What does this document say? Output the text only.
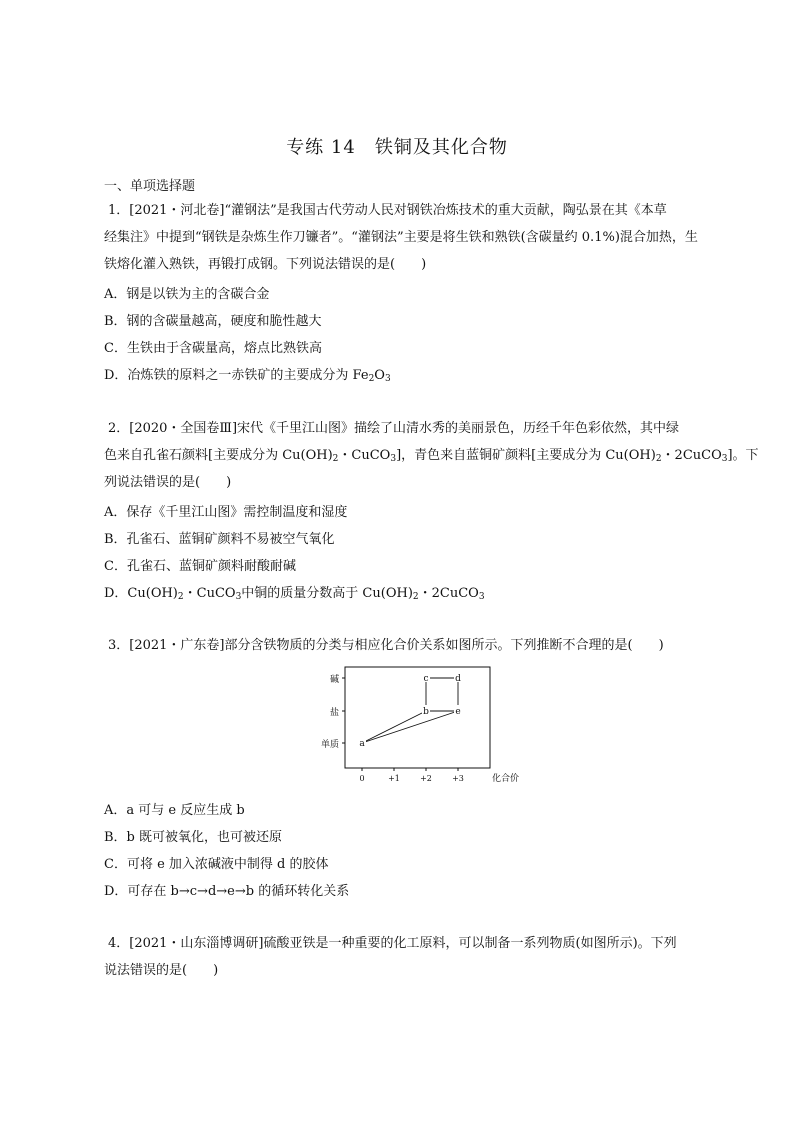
专练 14　铁铜及其化合物
一、单项选择题
1．[2021・河北卷]“灌钢法”是我国古代劳动人民对钢铁冶炼技术的重大贡献，陶弘景在其《本草
经集注》中提到“钢铁是杂炼生作刀镰者”。“灌钢法”主要是将生铁和熟铁(含碳量约 0.1%)混合加热，生
铁熔化灌入熟铁，再锻打成钢。下列说法错误的是(　　)
A．钢是以铁为主的含碳合金
B．钢的含碳量越高，硬度和脆性越大
C．生铁由于含碳量高，熔点比熟铁高
D．冶炼铁的原料之一赤铁矿的主要成分为 $Fe_2O_3$
2．[2020・全国卷Ⅲ]宋代《千里江山图》描绘了山清水秀的美丽景色，历经千年色彩依然，其中绿
色来自孔雀石颜料[主要成分为 $Cu(OH)_2$・CuCO$_3$]，青色来自蓝铜矿颜料[主要成分为 $Cu(OH)_2$・2CuCO$_3$]。下
列说法错误的是(　　)
A．保存《千里江山图》需控制温度和湿度
B．孔雀石、蓝铜矿颜料不易被空气氧化
C．孔雀石、蓝铜矿颜料耐酸耐碱
D．$Cu(OH)_2$・CuCO$_3$中铜的质量分数高于 $Cu(OH)_2$・2CuCO$_3$
3．[2021・广东卷]部分含铁物质的分类与相应化合价关系如图所示。下列推断不合理的是(　　)
单质
盐
碱
0	+1	+2	+3	化合价
a
b
c	d
e
A．a 可与 e 反应生成 b
B．b 既可被氧化，也可被还原
C．可将 e 加入浓碱液中制得 d 的胶体
D．可存在 b→c→d→e→b 的循环转化关系
4．[2021・山东淄博调研]硫酸亚铁是一种重要的化工原料，可以制备一系列物质(如图所示)。下列
说法错误的是(　　)
